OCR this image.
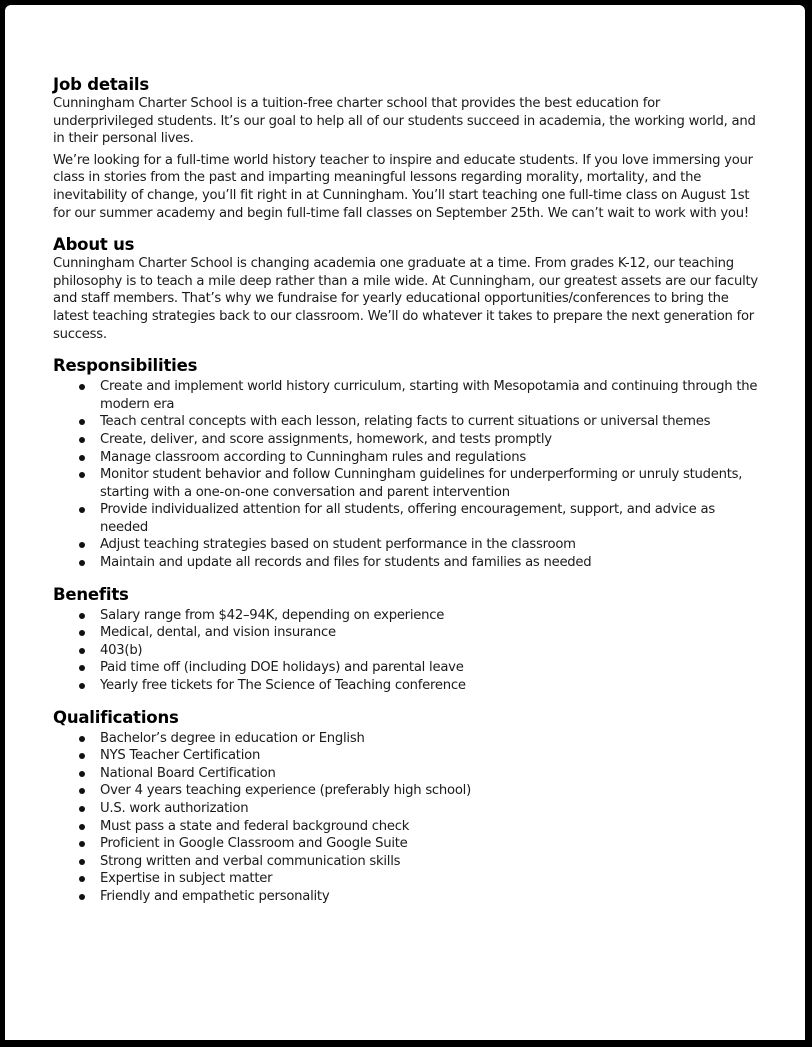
Job details

Cunningham Charter School is a tuition-free charter school that provides the best education for underprivileged students. It’s our goal to help all of our students succeed in academia, the working world, and in their personal lives.

We’re looking for a full-time world history teacher to inspire and educate students. If you love immersing your class in stories from the past and imparting meaningful lessons regarding morality, mortality, and the inevitability of change, you’ll fit right in at Cunningham. You’ll start teaching one full-time class on August 1st for our summer academy and begin full-time fall classes on September 25th. We can’t wait to work with you!

About us

Cunningham Charter School is changing academia one graduate at a time. From grades K-12, our teaching philosophy is to teach a mile deep rather than a mile wide. At Cunningham, our greatest assets are our faculty and staff members. That’s why we fundraise for yearly educational opportunities/conferences to bring the latest teaching strategies back to our classroom. We’ll do whatever it takes to prepare the next generation for success.

Responsibilities
Create and implement world history curriculum, starting with Mesopotamia and continuing through the modern era
Teach central concepts with each lesson, relating facts to current situations or universal themes
Create, deliver, and score assignments, homework, and tests promptly
Manage classroom according to Cunningham rules and regulations
Monitor student behavior and follow Cunningham guidelines for underperforming or unruly students, starting with a one-on-one conversation and parent intervention
Provide individualized attention for all students, offering encouragement, support, and advice as needed
Adjust teaching strategies based on student performance in the classroom
Maintain and update all records and files for students and families as needed
Benefits
Salary range from $42–94K, depending on experience
Medical, dental, and vision insurance
403(b)
Paid time off (including DOE holidays) and parental leave
Yearly free tickets for The Science of Teaching conference
Qualifications
Bachelor’s degree in education or English
NYS Teacher Certification
National Board Certification
Over 4 years teaching experience (preferably high school)
U.S. work authorization
Must pass a state and federal background check
Proficient in Google Classroom and Google Suite
Strong written and verbal communication skills
Expertise in subject matter
Friendly and empathetic personality
